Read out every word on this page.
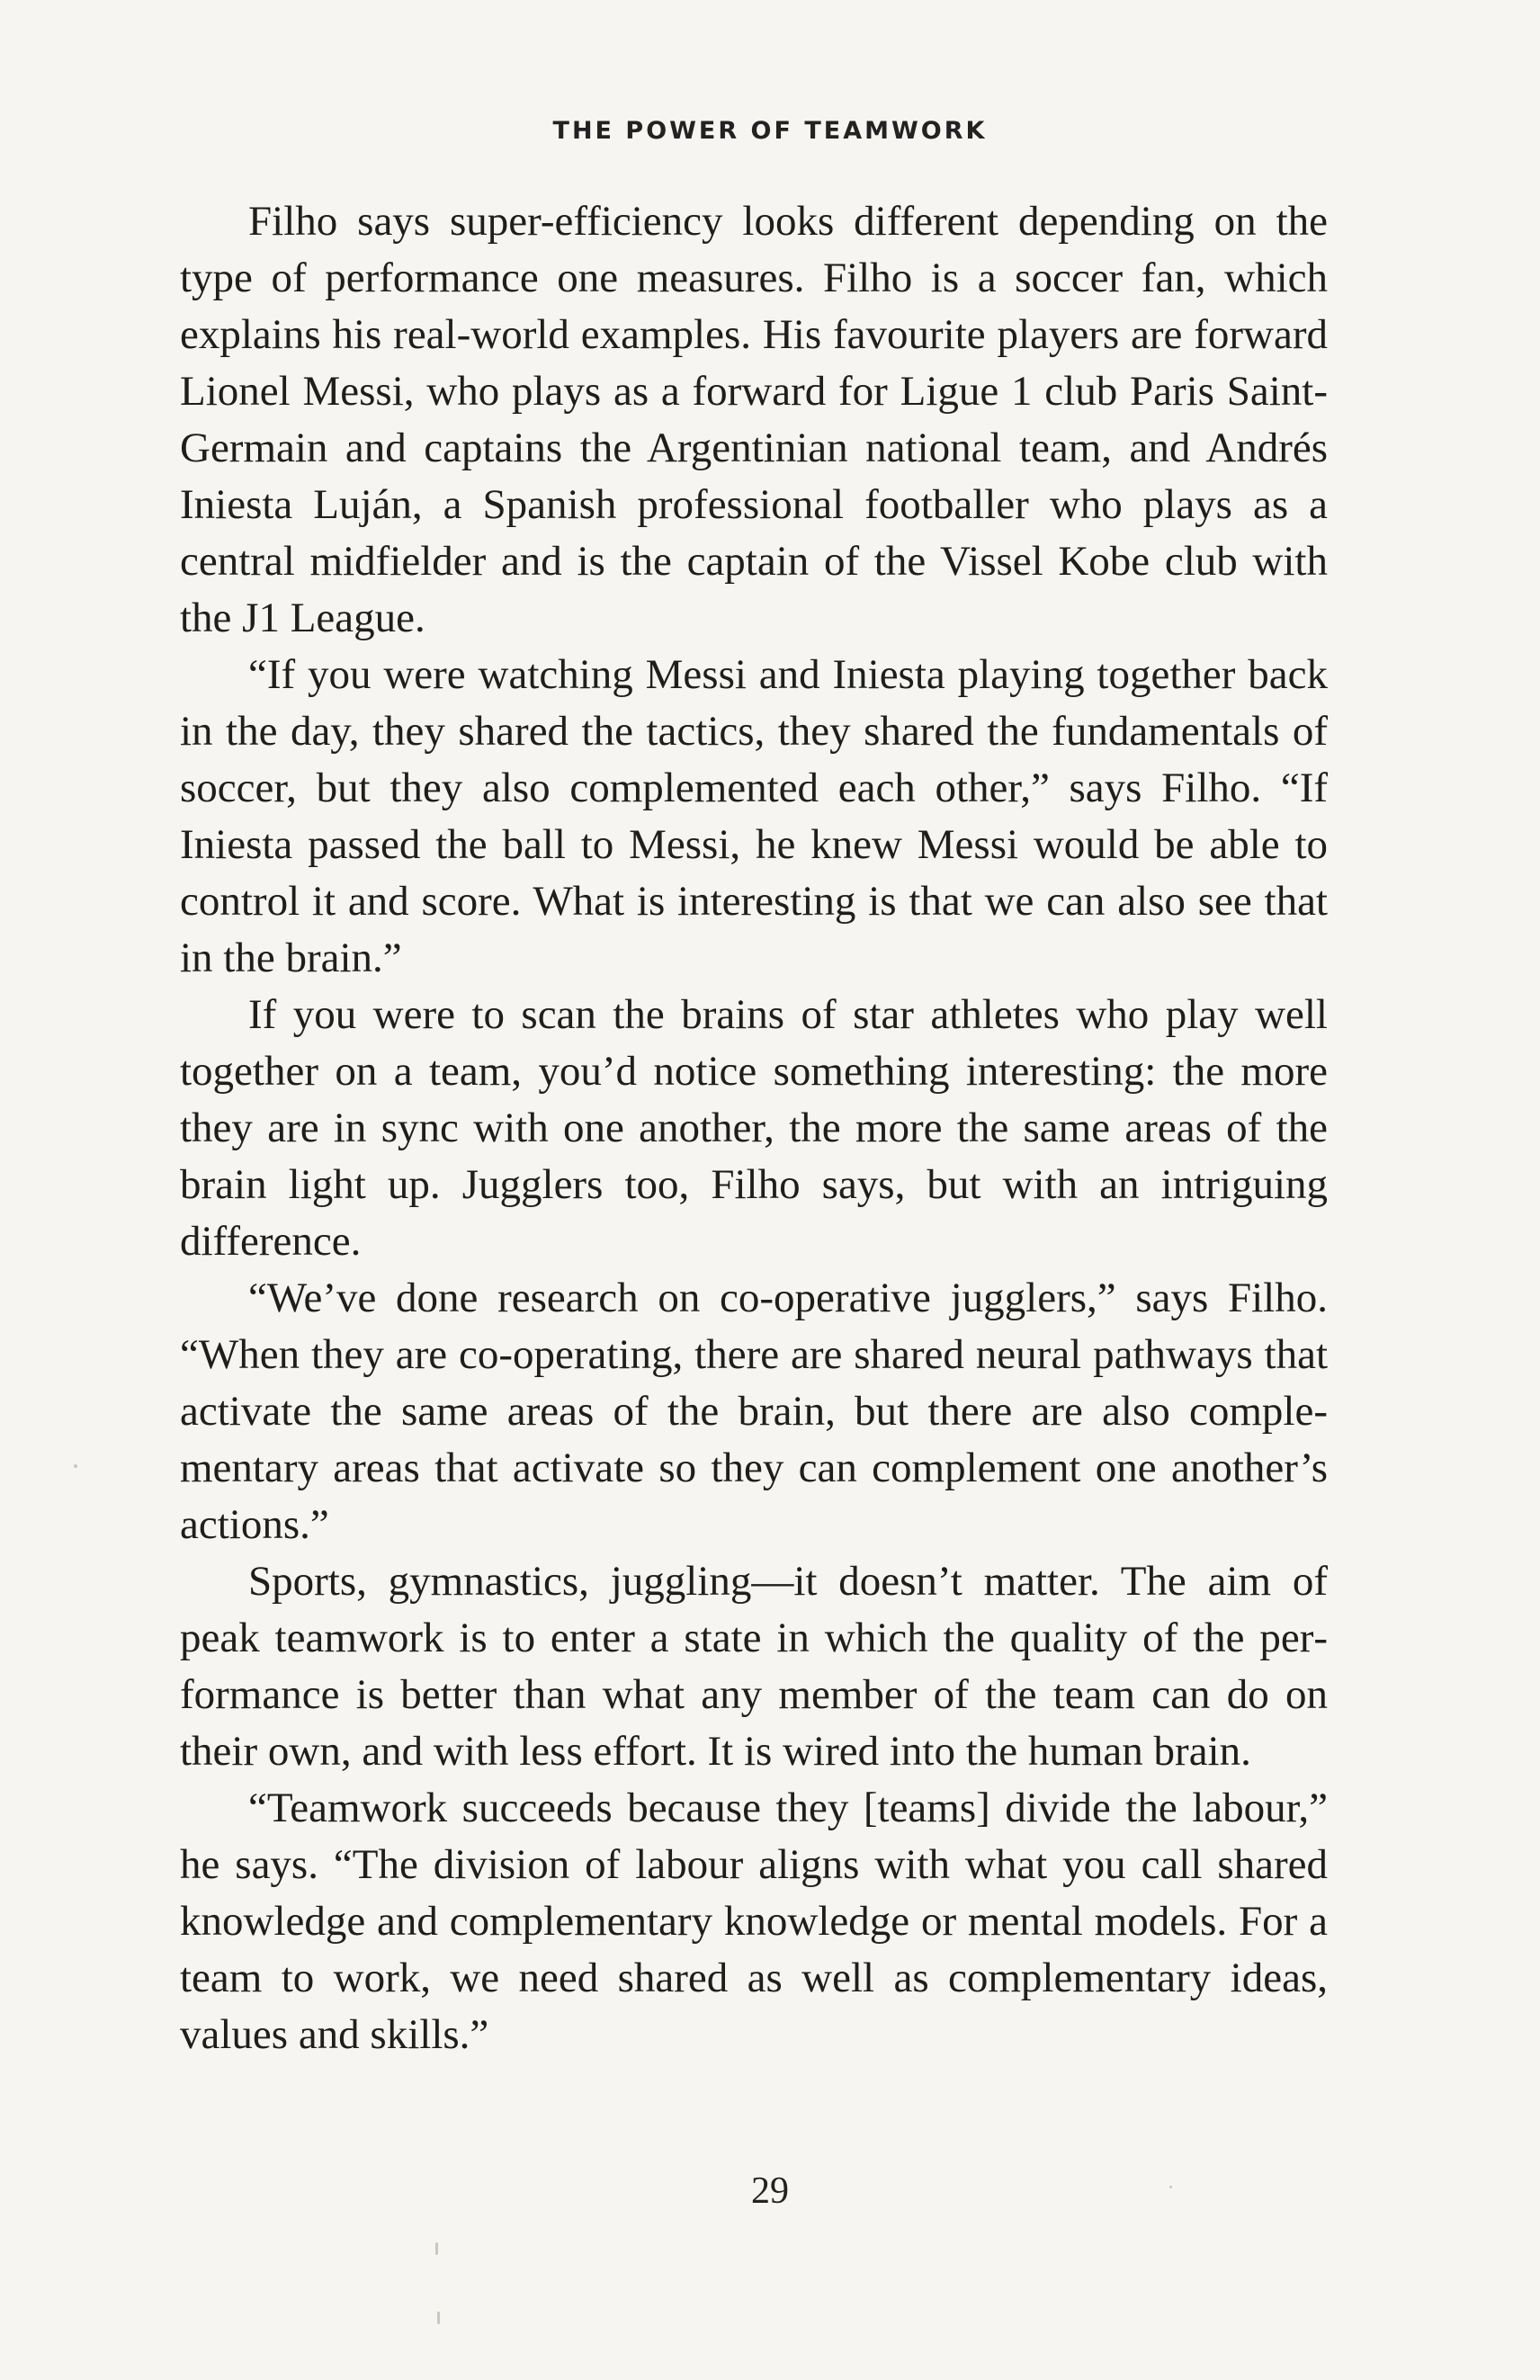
THE POWER OF TEAMWORK

Filho says super-efficiency looks different depending on the type of performance one measures. Filho is a soccer fan, which explains his real-world examples. His favourite players are forward Lionel Messi, who plays as a forward for Ligue 1 club Paris Saint-Germain and captains the Argentinian national team, and Andrés Iniesta Luján, a Spanish professional footballer who plays as a central midfielder and is the captain of the Vissel Kobe club with the J1 League.

“If you were watching Messi and Iniesta playing together back in the day, they shared the tactics, they shared the fundamentals of soccer, but they also complemented each other,” says Filho. “If Iniesta passed the ball to Messi, he knew Messi would be able to control it and score. What is interesting is that we can also see that in the brain.”

If you were to scan the brains of star athletes who play well together on a team, you’d notice something interesting: the more they are in sync with one another, the more the same areas of the brain light up. Jugglers too, Filho says, but with an intriguing difference.

“We’ve done research on co-operative jugglers,” says Filho. “When they are co-operating, there are shared neural pathways that activate the same areas of the brain, but there are also complementary areas that activate so they can complement one another’s actions.”

Sports, gymnastics, juggling—it doesn’t matter. The aim of peak teamwork is to enter a state in which the quality of the performance is better than what any member of the team can do on their own, and with less effort. It is wired into the human brain.

“Teamwork succeeds because they [teams] divide the labour,” he says. “The division of labour aligns with what you call shared knowledge and complementary knowledge or mental models. For a team to work, we need shared as well as complementary ideas, values and skills.”

29
